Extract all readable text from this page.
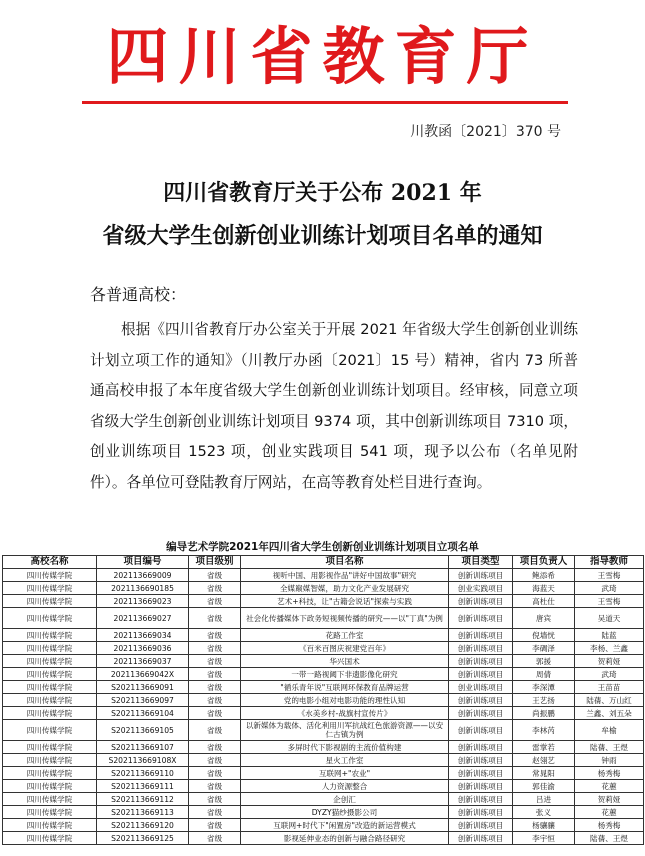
四川省教育厅
川教函〔2021〕370 号
四川省教育厅关于公布 2021 年
省级大学生创新创业训练计划项目名单的通知
各普通高校：
根据《四川省教育厅办公室关于开展 2021 年省级大学生创新创业训练计划立项工作的通知》（川教厅办函〔2021〕15 号）精神，省内 73 所普通高校申报了本年度省级大学生创新创业训练计划项目。经审核，同意立项省级大学生创新创业训练计划项目 9374 项，其中创新训练项目 7310 项，创业训练项目 1523 项，创业实践项目 541 项，现予以公布（名单见附件）。各单位可登陆教育厅网站，在高等教育处栏目进行查询。
编导艺术学院2021年四川省大学生创新创业训练计划项目立项名单
高校名称	项目编号	项目级别	项目名称	项目类型	项目负责人	指导教师
四川传媒学院	202113669009	省级	视听中国、用影视作品"讲好中国故事"研究	创新训练项目	鲍添希	王雪梅
四川传媒学院	2021136690185	省级	全媒巅媒智媒，助力文化产业发展研究	创业实践项目	海蓝天	武琦
四川传媒学院	202113669023	省级	艺术+科技，让"古籍会说话"探索与实践	创新训练项目	高杜仕	王雪梅
四川传媒学院	202113669027	省级	社会化传播媒体下政务短视频传播的研究——以"丁真"为例	创新训练项目	唐宾	吴道天
四川传媒学院	202113669034	省级	花路工作室	创新训练项目	倪墙恍	陆蓝
四川传媒学院	202113669036	省级	《百米百图庆祝建党百年》	创新训练项目	李碉泽	李杨、兰鑫
四川传媒学院	202113669037	省级	华兴国术	创新训练项目	郭援	贺莉娅
四川传媒学院	202113669042X	省级	一带一路视阈下非遗影像化研究	创新训练项目	周倩	武琦
四川传媒学院	S202113669091	省级	"循乐青年说"互联网环保教育品牌运营	创业训练项目	李深潭	王苗苗
四川传媒学院	S202113669097	省级	党的电影小组对电影功能的理性认知	创新训练项目	王艺扬	陆蒨、万山红
四川传媒学院	S202113669104	省级	《水美乡村-战旗村宣传片》	创新训练项目	尚振鹏	兰鑫、刘五朵
四川传媒学院	S202113669105	省级	以新媒体为载体、活化利用川军抗战红色旅游资源——以安仁古镇为例	创新训练项目	李林芮	牟榆
四川传媒学院	S202113669107	省级	多屏时代下影视剧的主流价值构建	创新训练项目	雷掌若	陆蒨、王煜
四川传媒学院	S202113669108X	省级	星火工作室	创新训练项目	赵翎艺	钟雨
四川传媒学院	S202113669110	省级	互联网+"农业"	创新训练项目	常晁阳	杨秀梅
四川传媒学院	S202113669111	省级	人力资源整合	创新训练项目	郭佳渝	花蕙
四川传媒学院	S202113669112	省级	企创汇	创新训练项目	吕进	贺莉娅
四川传媒学院	S202113669113	省级	DYZY猫纱摄影公司	创新训练项目	张义	花蕙
四川传媒学院	S202113669120	省级	互联网+时代下"闲置房"改造的新运营模式	创新训练项目	杨骧骧	杨秀梅
四川传媒学院	S202113669125	省级	影视延伸业态的创新与融合路径研究	创新训练项目	李宇恒	陆蒨、王煜
